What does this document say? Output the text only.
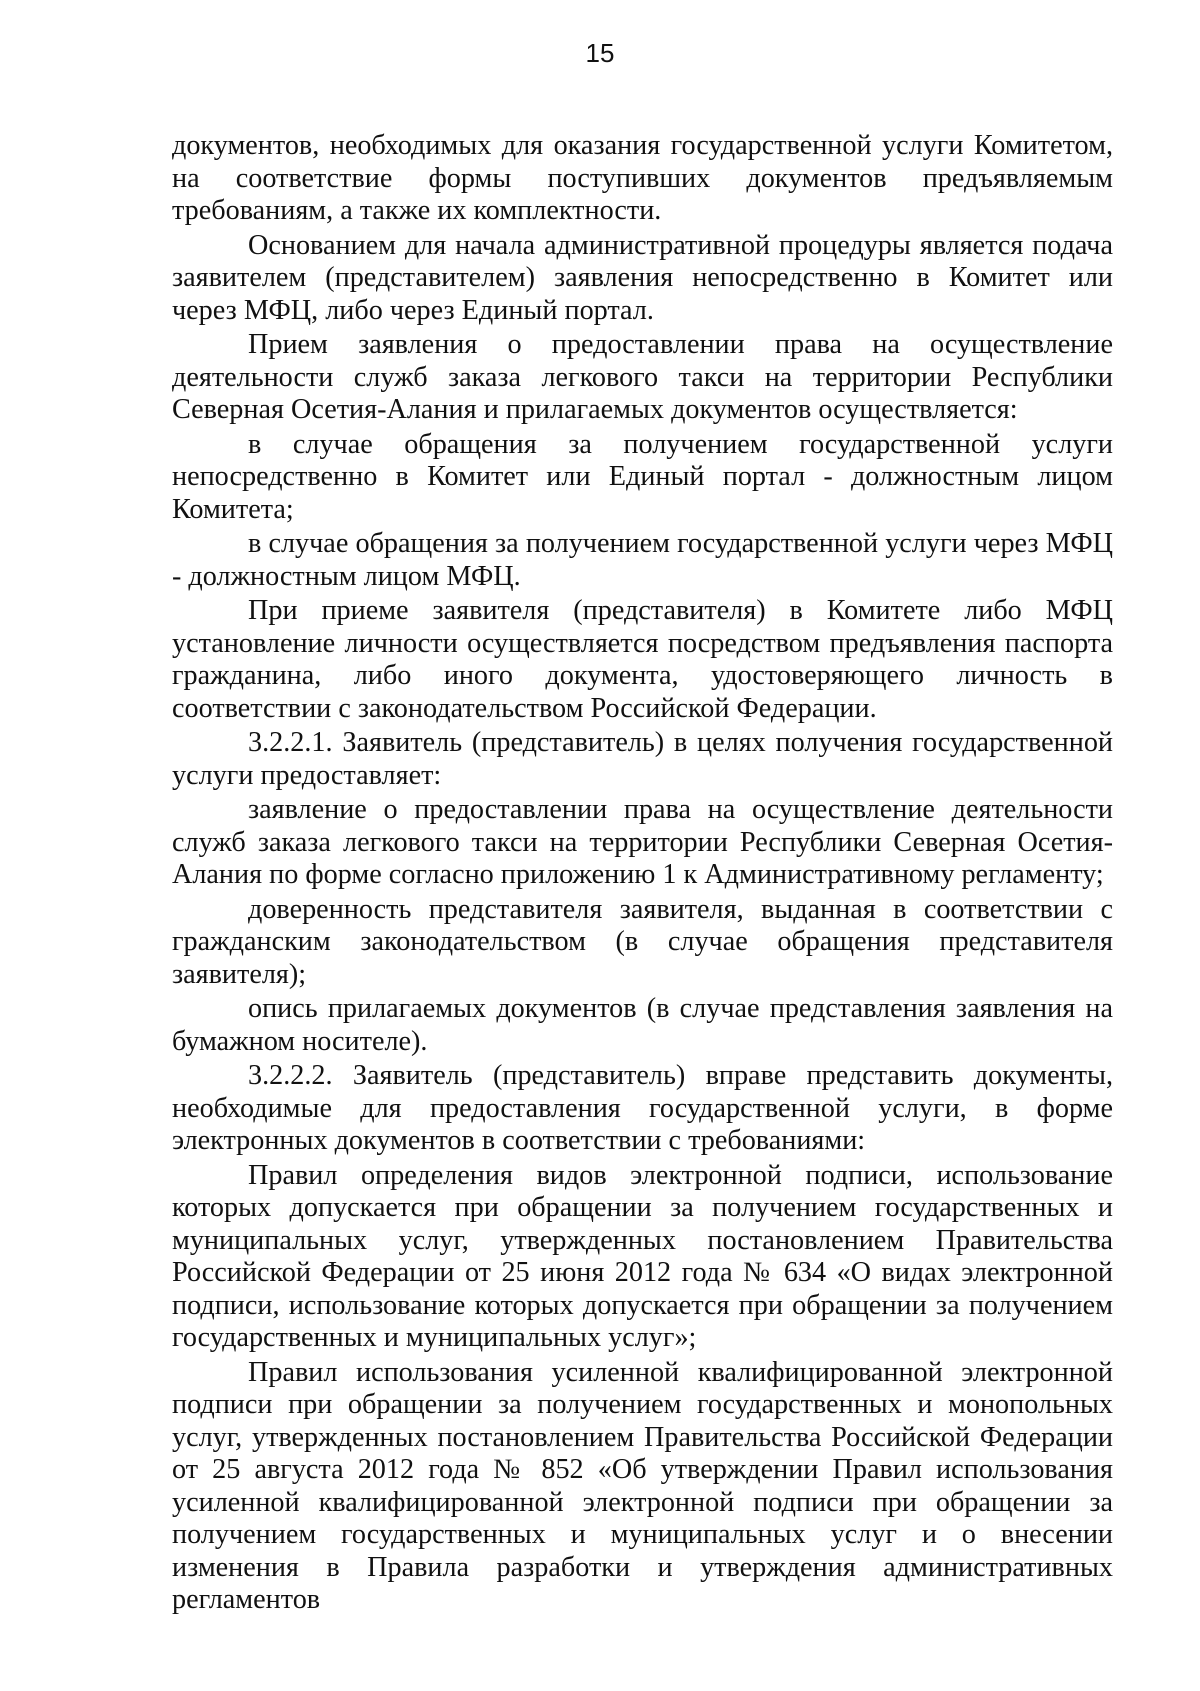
15

документов, необходимых для оказания государственной услуги Комитетом, на соответствие формы поступивших документов предъявляемым требованиям, а также их комплектности.

Основанием для начала административной процедуры является подача заявителем (представителем) заявления непосредственно в Комитет или через МФЦ, либо через Единый портал.

Прием заявления о предоставлении права на осуществление деятельности служб заказа легкового такси на территории Республики Северная Осетия-Алания и прилагаемых документов осуществляется:

в случае обращения за получением государственной услуги непосредственно в Комитет или Единый портал - должностным лицом Комитета;

в случае обращения за получением государственной услуги через МФЦ - должностным лицом МФЦ.

При приеме заявителя (представителя) в Комитете либо МФЦ установление личности осуществляется посредством предъявления паспорта гражданина, либо иного документа, удостоверяющего личность в соответствии с законодательством Российской Федерации.

3.2.2.1. Заявитель (представитель) в целях получения государственной услуги предоставляет:

заявление о предоставлении права на осуществление деятельности служб заказа легкового такси на территории Республики Северная Осетия-Алания по форме согласно приложению 1 к Административному регламенту;

доверенность представителя заявителя, выданная в соответствии с гражданским законодательством (в случае обращения представителя заявителя);

опись прилагаемых документов (в случае представления заявления на бумажном носителе).

3.2.2.2. Заявитель (представитель) вправе представить документы, необходимые для предоставления государственной услуги, в форме электронных документов в соответствии с требованиями:

Правил определения видов электронной подписи, использование которых допускается при обращении за получением государственных и муниципальных услуг, утвержденных постановлением Правительства Российской Федерации от 25 июня 2012 года № 634 «О видах электронной подписи, использование которых допускается при обращении за получением государственных и муниципальных услуг»;

Правил использования усиленной квалифицированной электронной подписи при обращении за получением государственных и монопольных услуг, утвержденных постановлением Правительства Российской Федерации от 25 августа 2012 года № 852 «Об утверждении Правил использования усиленной квалифицированной электронной подписи при обращении за получением государственных и муниципальных услуг и о внесении изменения в Правила разработки и утверждения административных регламентов
